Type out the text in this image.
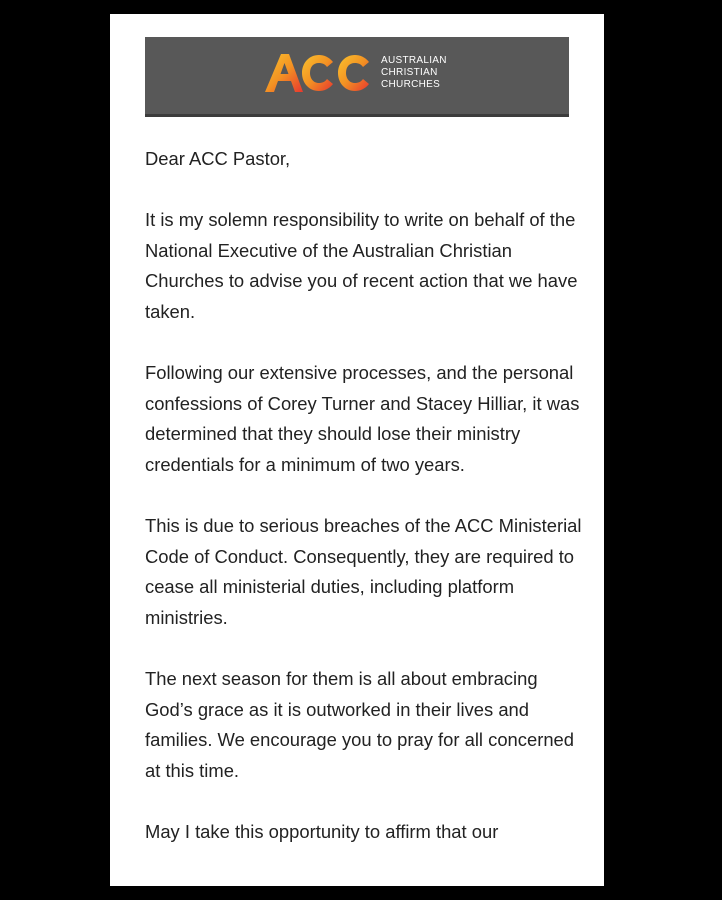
AUSTRALIAN
CHRISTIAN
CHURCHES

Dear ACC Pastor,

It is my solemn responsibility to write on behalf of the National Executive of the Australian Christian Churches to advise you of recent action that we have taken.

Following our extensive processes, and the personal confessions of Corey Turner and Stacey Hilliar, it was determined that they should lose their ministry credentials for a minimum of two years.

This is due to serious breaches of the ACC Ministerial Code of Conduct. Consequently, they are required to cease all ministerial duties, including platform ministries.

The next season for them is all about embracing God’s grace as it is outworked in their lives and families. We encourage you to pray for all concerned at this time.

May I take this opportunity to affirm that our
